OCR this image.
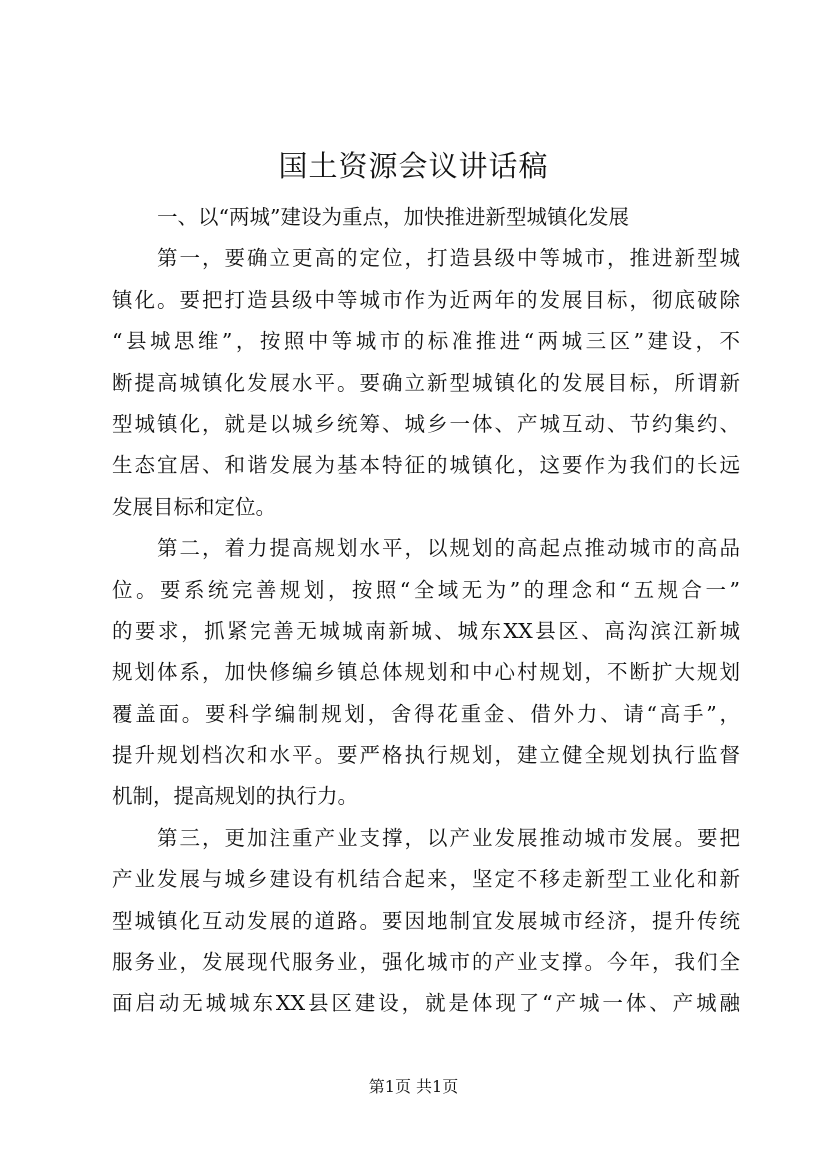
国土资源会议讲话稿
一、以“两城”建设为重点，加快推进新型城镇化发展
第一，要确立更高的定位，打造县级中等城市，推进新型城
镇化。要把打造县级中等城市作为近两年的发展目标，彻底破除
“县城思维”，按照中等城市的标准推进“两城三区”建设，不
断提高城镇化发展水平。要确立新型城镇化的发展目标，所谓新
型城镇化，就是以城乡统筹、城乡一体、产城互动、节约集约、
生态宜居、和谐发展为基本特征的城镇化，这要作为我们的长远
发展目标和定位。
第二，着力提高规划水平，以规划的高起点推动城市的高品
位。要系统完善规划，按照“全域无为”的理念和“五规合一”
的要求，抓紧完善无城城南新城、城东XX县区、高沟滨江新城
规划体系，加快修编乡镇总体规划和中心村规划，不断扩大规划
覆盖面。要科学编制规划，舍得花重金、借外力、请“高手”，
提升规划档次和水平。要严格执行规划，建立健全规划执行监督
机制，提高规划的执行力。
第三，更加注重产业支撑，以产业发展推动城市发展。要把
产业发展与城乡建设有机结合起来，坚定不移走新型工业化和新
型城镇化互动发展的道路。要因地制宜发展城市经济，提升传统
服务业，发展现代服务业，强化城市的产业支撑。今年，我们全
面启动无城城东XX县区建设，就是体现了“产城一体、产城融
第1页 共1页
